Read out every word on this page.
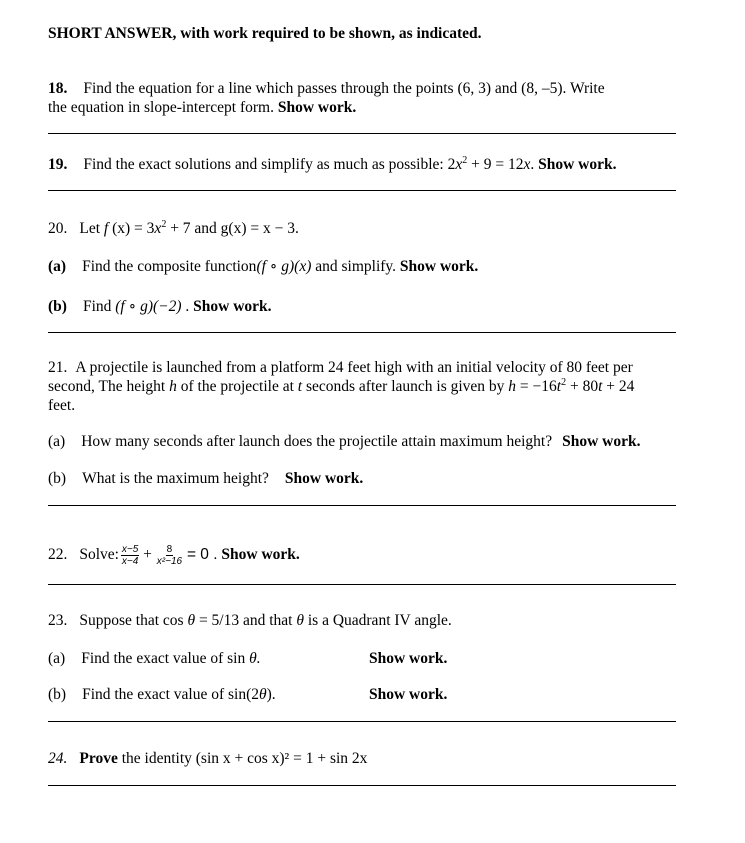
SHORT ANSWER, with work required to be shown, as indicated.
18. Find the equation for a line which passes through the points (6, 3) and (8, –5). Write
the equation in slope-intercept form. Show work.
19. Find the exact solutions and simplify as much as possible: $2x^2 + 9 = 12x$. Show work.
20. Let f $(x) = 3x^2 + 7$ and g(x) = x − 3.
(a) Find the composite function(f ∘ g)(x) and simplify. Show work.
(b) Find (f ∘ g)(−2) . Show work.
21. A projectile is launched from a platform 24 feet high with an initial velocity of 80 feet per
second, The height h of the projectile at t seconds after launch is given by $h = -16t^2 + 80t + 24$
feet.
(a) How many seconds after launch does the projectile attain maximum height? Show work.
(b) What is the maximum height? Show work.
22. Solve: $\frac{x-5}{x-4} + \frac{8}{\text{x²−16}} = 0$ . Show work.
23. Suppose that cos θ = 5/13 and that θ is a Quadrant IV angle.
(a) Find the exact value of sin θ.	Show work.
(b) Find the exact value of sin(2θ).	Show work.
24. Prove the identity (sin x + cos x)² = 1 + sin 2x
